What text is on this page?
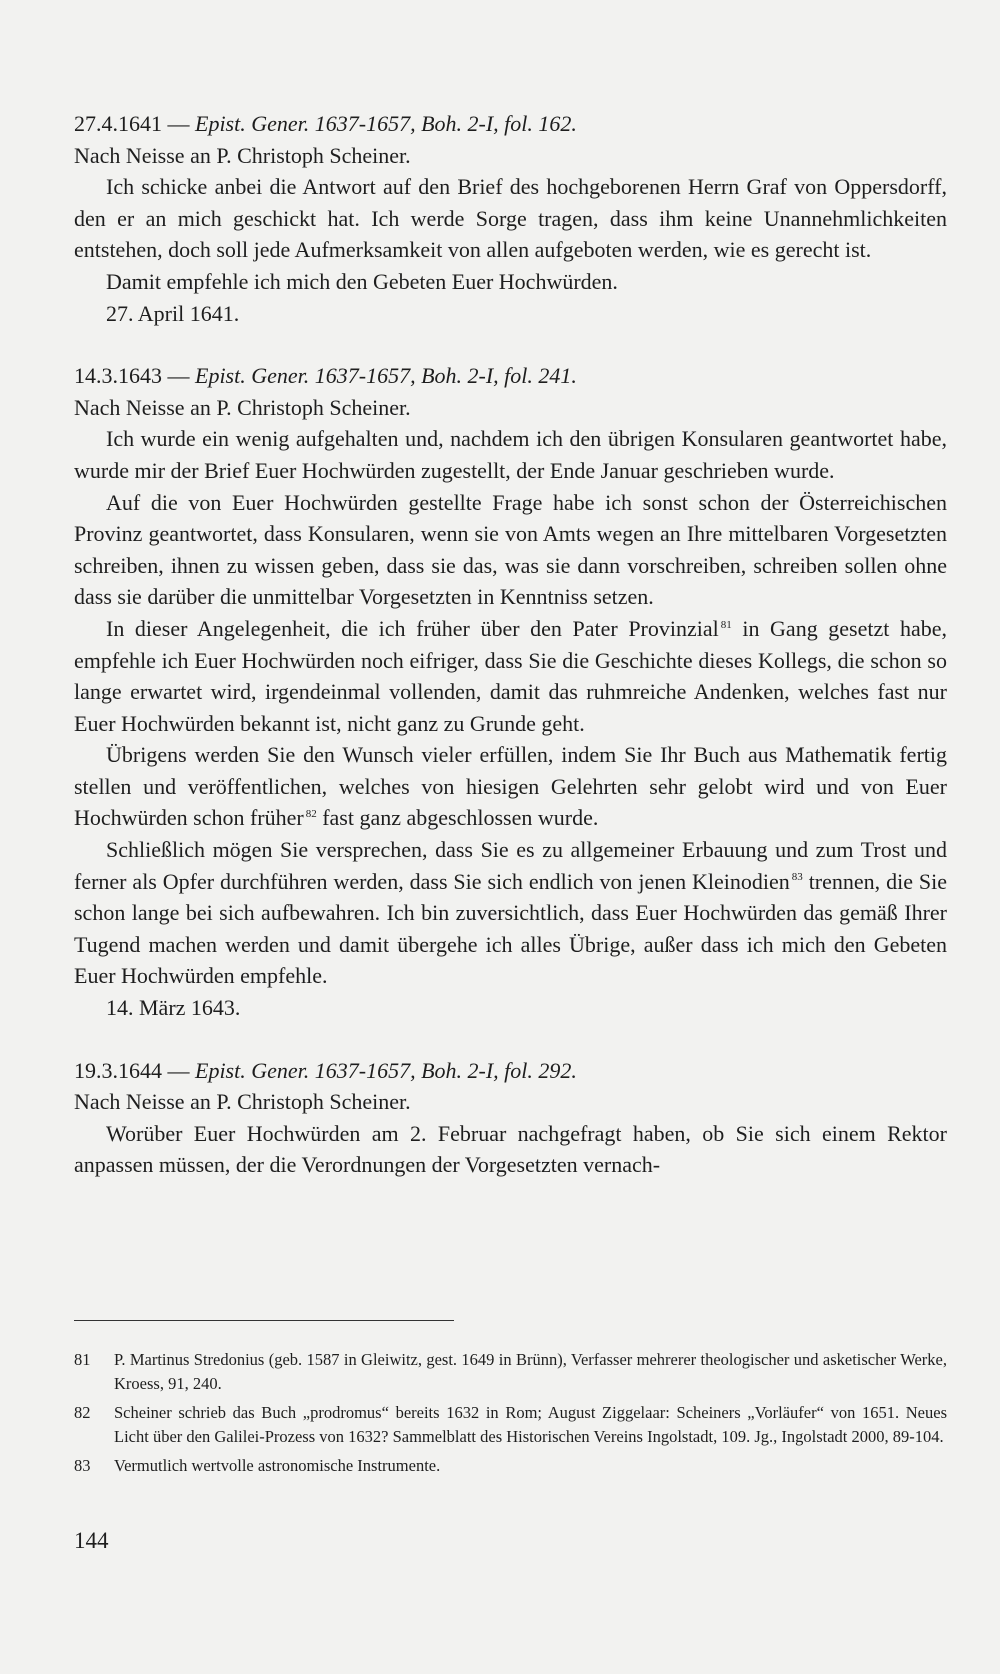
27.4.1641 — Epist. Gener. 1637-1657, Boh. 2-I, fol. 162.

Nach Neisse an P. Christoph Scheiner.

Ich schicke anbei die Antwort auf den Brief des hochgeborenen Herrn Graf von Oppersdorff, den er an mich geschickt hat. Ich werde Sorge tragen, dass ihm keine Unannehmlichkeiten entstehen, doch soll jede Aufmerksamkeit von allen aufgeboten werden, wie es gerecht ist.

Damit empfehle ich mich den Gebeten Euer Hochwürden.

27. April 1641.

14.3.1643 — Epist. Gener. 1637-1657, Boh. 2-I, fol. 241.

Nach Neisse an P. Christoph Scheiner.

Ich wurde ein wenig aufgehalten und, nachdem ich den übrigen Konsularen geantwortet habe, wurde mir der Brief Euer Hochwürden zugestellt, der Ende Januar geschrieben wurde.

Auf die von Euer Hochwürden gestellte Frage habe ich sonst schon der Österreichischen Provinz geantwortet, dass Konsularen, wenn sie von Amts wegen an Ihre mittelbaren Vorgesetzten schreiben, ihnen zu wissen geben, dass sie das, was sie dann vorschreiben, schreiben sollen ohne dass sie darüber die unmittelbar Vorgesetzten in Kenntniss setzen.

In dieser Angelegenheit, die ich früher über den Pater Provinzial $^{81}$ in Gang gesetzt habe, empfehle ich Euer Hochwürden noch eifriger, dass Sie die Geschichte dieses Kollegs, die schon so lange erwartet wird, irgendeinmal vollenden, damit das ruhmreiche Andenken, welches fast nur Euer Hochwürden bekannt ist, nicht ganz zu Grunde geht.

Übrigens werden Sie den Wunsch vieler erfüllen, indem Sie Ihr Buch aus Mathematik fertig stellen und veröffentlichen, welches von hiesigen Gelehrten sehr gelobt wird und von Euer Hochwürden schon früher $^{82}$ fast ganz abgeschlossen wurde.

Schließlich mögen Sie versprechen, dass Sie es zu allgemeiner Erbauung und zum Trost und ferner als Opfer durchführen werden, dass Sie sich endlich von jenen Kleinodien $^{83}$ trennen, die Sie schon lange bei sich aufbewahren. Ich bin zuversichtlich, dass Euer Hochwürden das gemäß Ihrer Tugend machen werden und damit übergehe ich alles Übrige, außer dass ich mich den Gebeten Euer Hochwürden empfehle.

14. März 1643.

19.3.1644 — Epist. Gener. 1637-1657, Boh. 2-I, fol. 292.

Nach Neisse an P. Christoph Scheiner.

Worüber Euer Hochwürden am 2. Februar nachgefragt haben, ob Sie sich einem Rektor anpassen müssen, der die Verordnungen der Vorgesetzten vernach-

81	P. Martinus Stredonius (geb. 1587 in Gleiwitz, gest. 1649 in Brünn), Verfasser mehrerer theologischer und asketischer Werke, Kroess, 91, 240.
82	Scheiner schrieb das Buch „prodromus“ bereits 1632 in Rom; August Ziggelaar: Scheiners „Vorläufer“ von 1651. Neues Licht über den Galilei-Prozess von 1632? Sammelblatt des Historischen Vereins Ingolstadt, 109. Jg., Ingolstadt 2000, 89-104.
83	Vermutlich wertvolle astronomische Instrumente.
144
